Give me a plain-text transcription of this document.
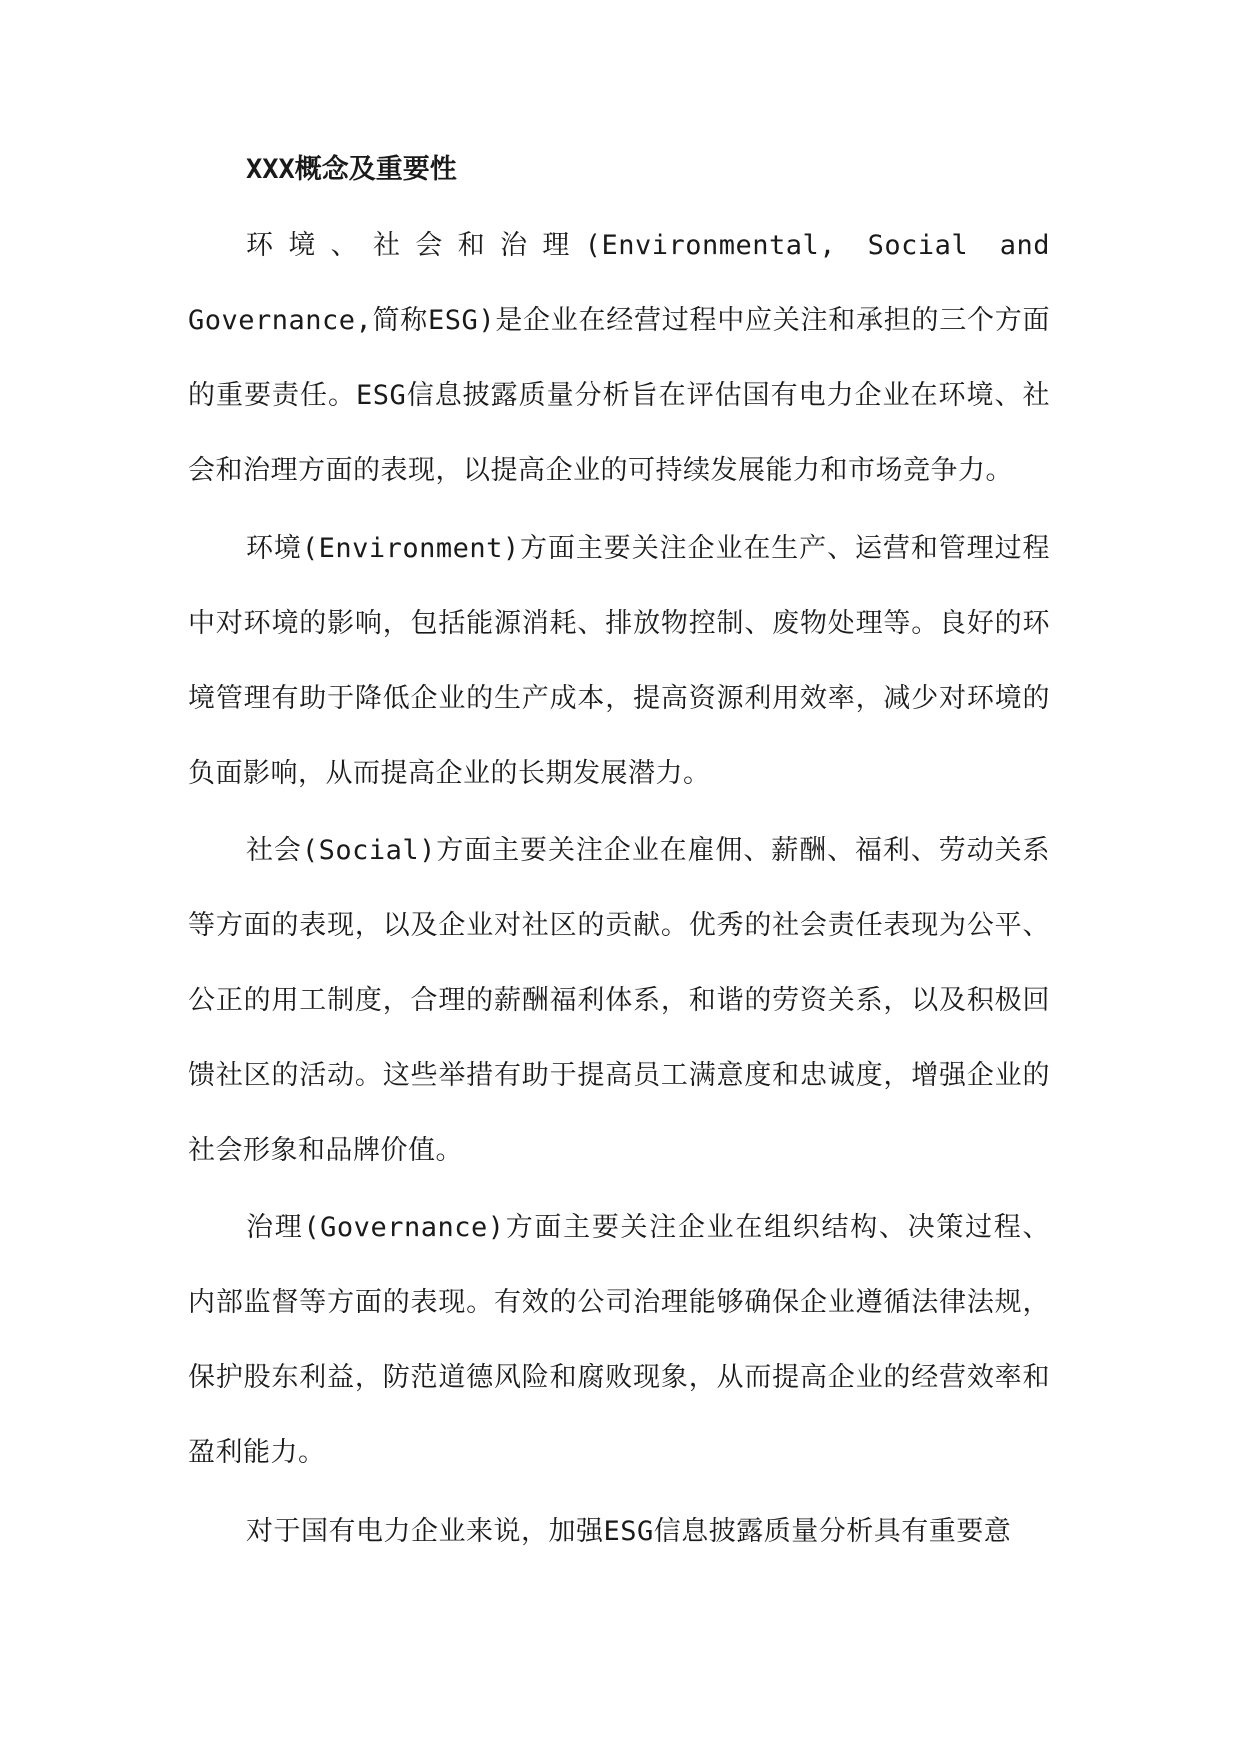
XXX概念及重要性

环境、社会和治理(Environmental, Social and Governance,简称ESG)是企业在经营过程中应关注和承担的三个方面的重要责任。ESG信息披露质量分析旨在评估国有电力企业在环境、社会和治理方面的表现，以提高企业的可持续发展能力和市场竞争力。

环境(Environment)方面主要关注企业在生产、运营和管理过程中对环境的影响，包括能源消耗、排放物控制、废物处理等。良好的环境管理有助于降低企业的生产成本，提高资源利用效率，减少对环境的负面影响，从而提高企业的长期发展潜力。

社会(Social)方面主要关注企业在雇佣、薪酬、福利、劳动关系等方面的表现，以及企业对社区的贡献。优秀的社会责任表现为公平、公正的用工制度，合理的薪酬福利体系，和谐的劳资关系，以及积极回馈社区的活动。这些举措有助于提高员工满意度和忠诚度，增强企业的社会形象和品牌价值。

治理(Governance)方面主要关注企业在组织结构、决策过程、内部监督等方面的表现。有效的公司治理能够确保企业遵循法律法规，保护股东利益，防范道德风险和腐败现象，从而提高企业的经营效率和盈利能力。

对于国有电力企业来说，加强ESG信息披露质量分析具有重要意
